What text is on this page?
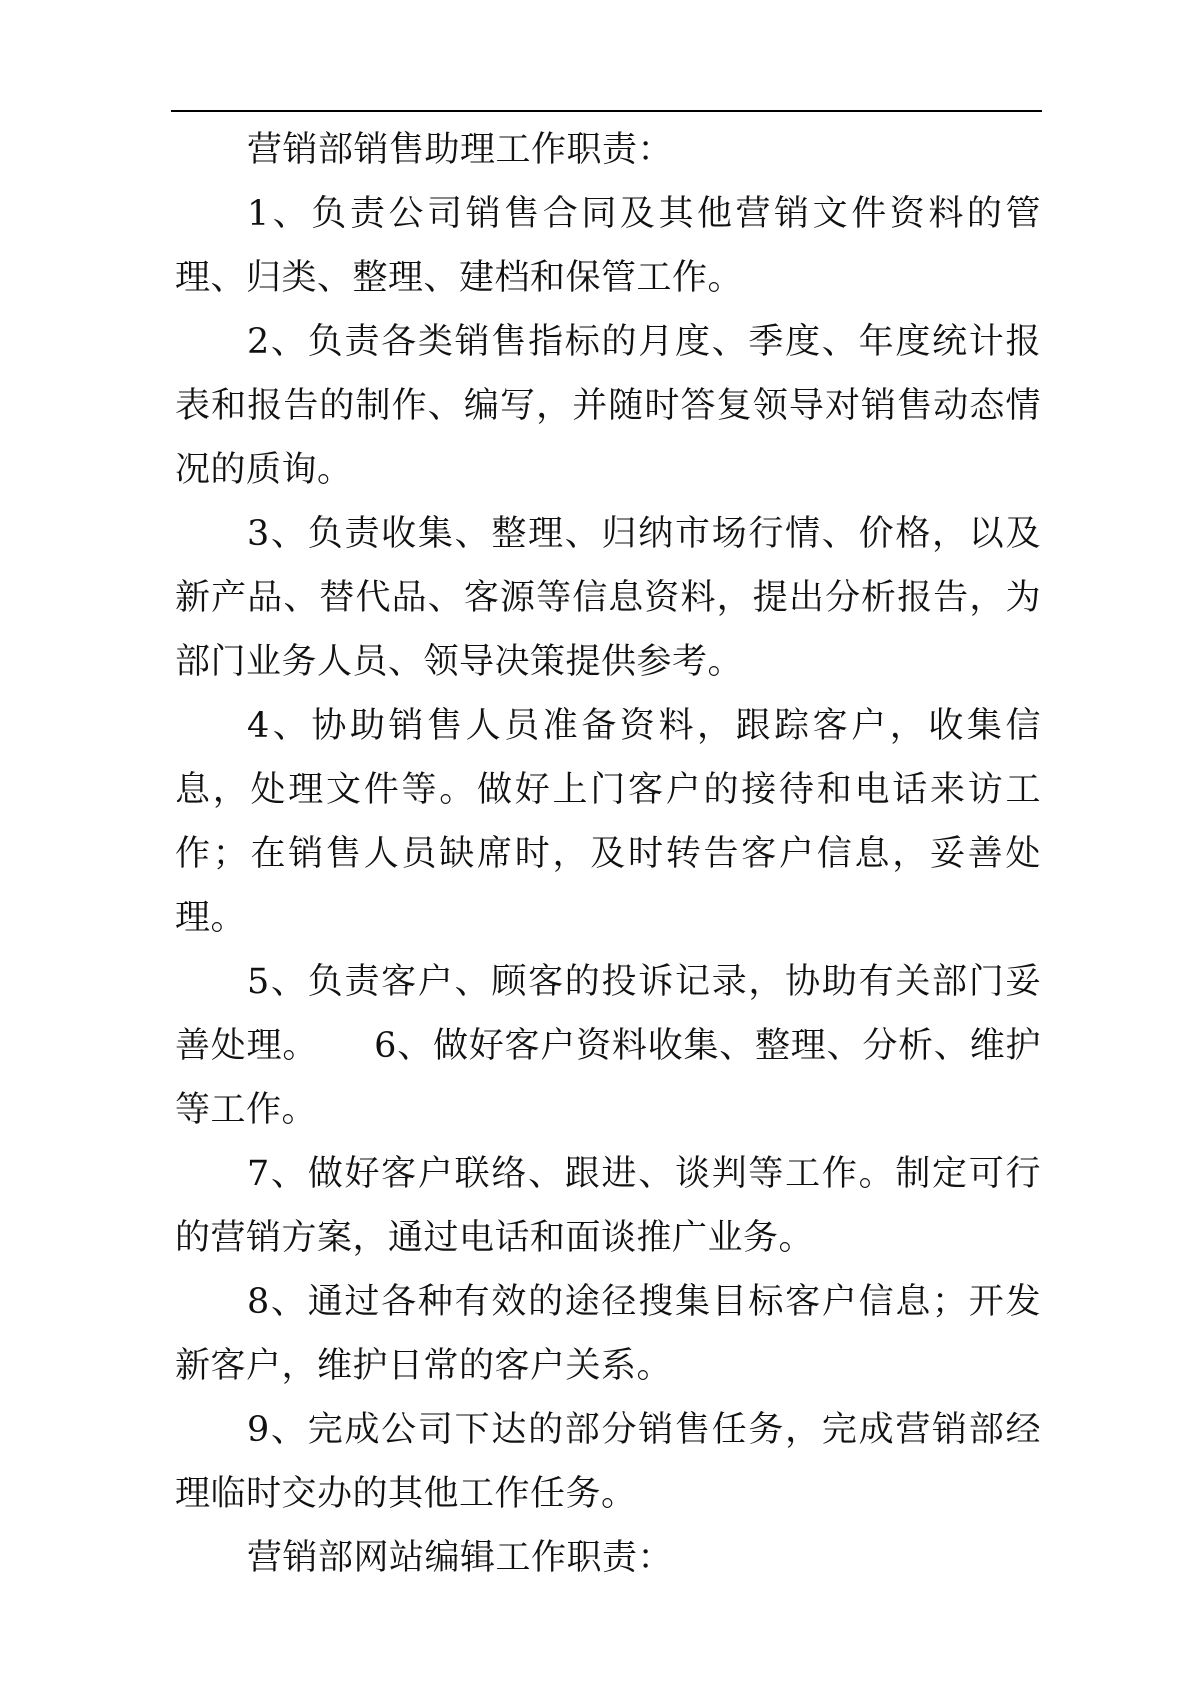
营销部销售助理工作职责：

1、负责公司销售合同及其他营销文件资料的管理、归类、整理、建档和保管工作。

2、负责各类销售指标的月度、季度、年度统计报表和报告的制作、编写，并随时答复领导对销售动态情况的质询。

3、负责收集、整理、归纳市场行情、价格，以及新产品、替代品、客源等信息资料，提出分析报告，为部门业务人员、领导决策提供参考。

4、协助销售人员准备资料，跟踪客户，收集信息，处理文件等。做好上门客户的接待和电话来访工作；在销售人员缺席时，及时转告客户信息，妥善处理。

5、负责客户、顾客的投诉记录，协助有关部门妥善处理。 6、做好客户资料收集、整理、分析、维护等工作。

7、做好客户联络、跟进、谈判等工作。制定可行的营销方案，通过电话和面谈推广业务。

8、通过各种有效的途径搜集目标客户信息；开发新客户，维护日常的客户关系。

9、完成公司下达的部分销售任务，完成营销部经理临时交办的其他工作任务。

营销部网站编辑工作职责：
